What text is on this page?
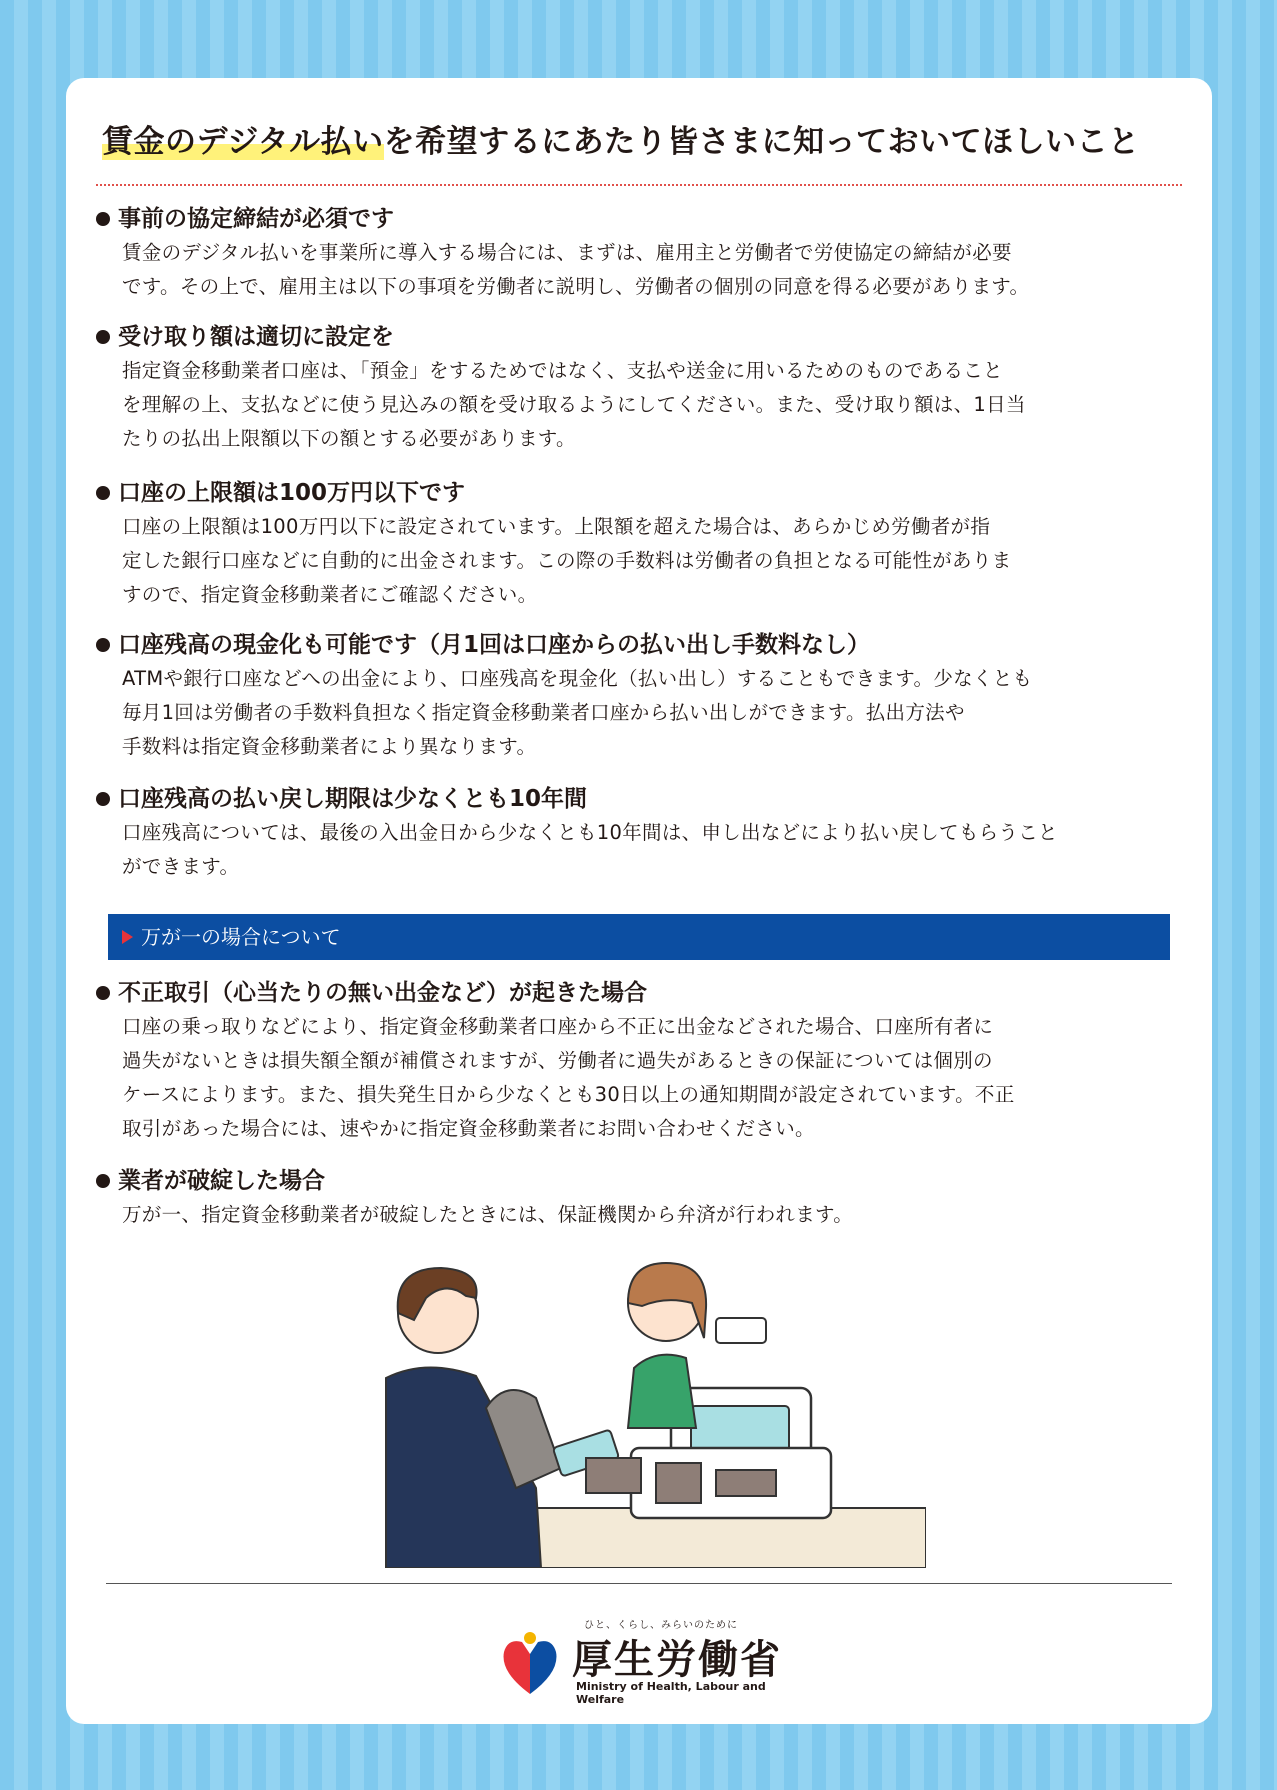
賃金のデジタル払いを希望するにあたり皆さまに知っておいてほしいこと
事前の協定締結が必須です
賃金のデジタル払いを事業所に導入する場合には、まずは、雇用主と労働者で労使協定の締結が必要
です。その上で、雇用主は以下の事項を労働者に説明し、労働者の個別の同意を得る必要があります。
受け取り額は適切に設定を
指定資金移動業者口座は、「預金」をするためではなく、支払や送金に用いるためのものであること
を理解の上、支払などに使う見込みの額を受け取るようにしてください。また、受け取り額は、1日当
たりの払出上限額以下の額とする必要があります。
口座の上限額は100万円以下です
口座の上限額は100万円以下に設定されています。上限額を超えた場合は、あらかじめ労働者が指
定した銀行口座などに自動的に出金されます。この際の手数料は労働者の負担となる可能性がありま
すので、指定資金移動業者にご確認ください。
口座残高の現金化も可能です（月1回は口座からの払い出し手数料なし）
ATMや銀行口座などへの出金により、口座残高を現金化（払い出し）することもできます。少なくとも
毎月1回は労働者の手数料負担なく指定資金移動業者口座から払い出しができます。払出方法や
手数料は指定資金移動業者により異なります。
口座残高の払い戻し期限は少なくとも10年間
口座残高については、最後の入出金日から少なくとも10年間は、申し出などにより払い戻してもらうこと
ができます。
万が一の場合について
不正取引（心当たりの無い出金など）が起きた場合
口座の乗っ取りなどにより、指定資金移動業者口座から不正に出金などされた場合、口座所有者に
過失がないときは損失額全額が補償されますが、労働者に過失があるときの保証については個別の
ケースによります。また、損失発生日から少なくとも30日以上の通知期間が設定されています。不正
取引があった場合には、速やかに指定資金移動業者にお問い合わせください。
業者が破綻した場合
万が一、指定資金移動業者が破綻したときには、保証機関から弁済が行われます。
ひと、くらし、みらいのために
厚生労働省
Ministry of Health, Labour and Welfare
